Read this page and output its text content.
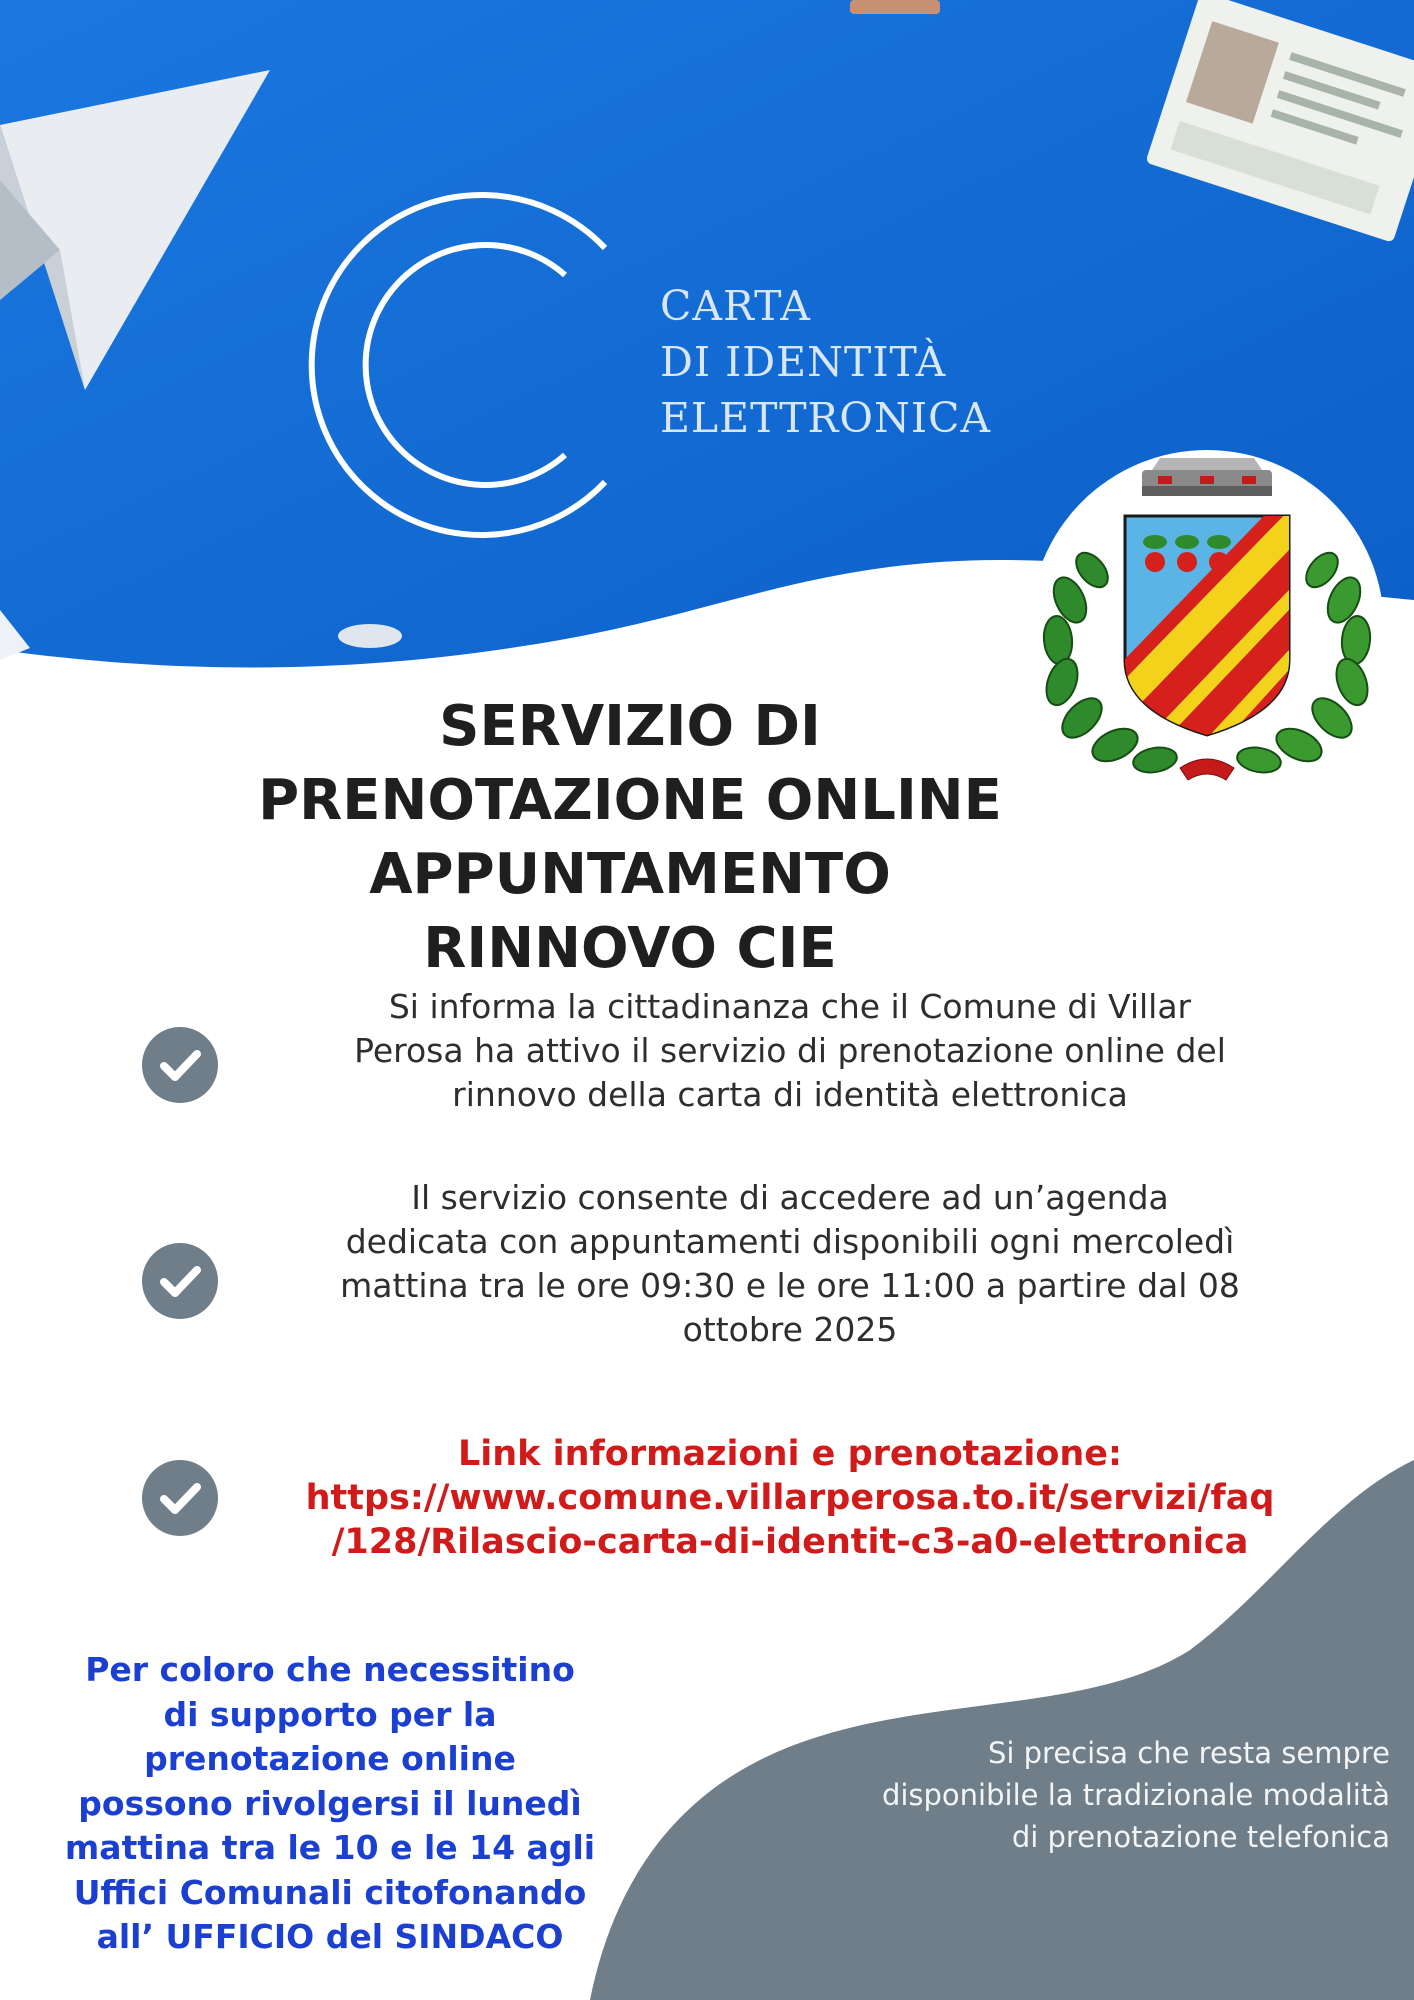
CARTA
DI IDENTITÀ
ELETTRONICA
SERVIZIO DI
PRENOTAZIONE ONLINE
APPUNTAMENTO
RINNOVO CIE
Si informa la cittadinanza che il Comune di Villar
Perosa ha attivo il servizio di prenotazione online del
rinnovo della carta di identità elettronica
Il servizio consente di accedere ad un’agenda
dedicata con appuntamenti disponibili ogni mercoledì
mattina tra le ore 09:30 e le ore 11:00 a partire dal 08
ottobre 2025
Link informazioni e prenotazione:
https://www.comune.villarperosa.to.it/servizi/faq
/128/Rilascio-carta-di-identit-c3-a0-elettronica
Per coloro che necessitino
di supporto per la
prenotazione online
possono rivolgersi il lunedì
mattina tra le 10 e le 14 agli
Uffici Comunali citofonando
all’ UFFICIO del SINDACO
Si precisa che resta sempre
disponibile la tradizionale modalità
di prenotazione telefonica
